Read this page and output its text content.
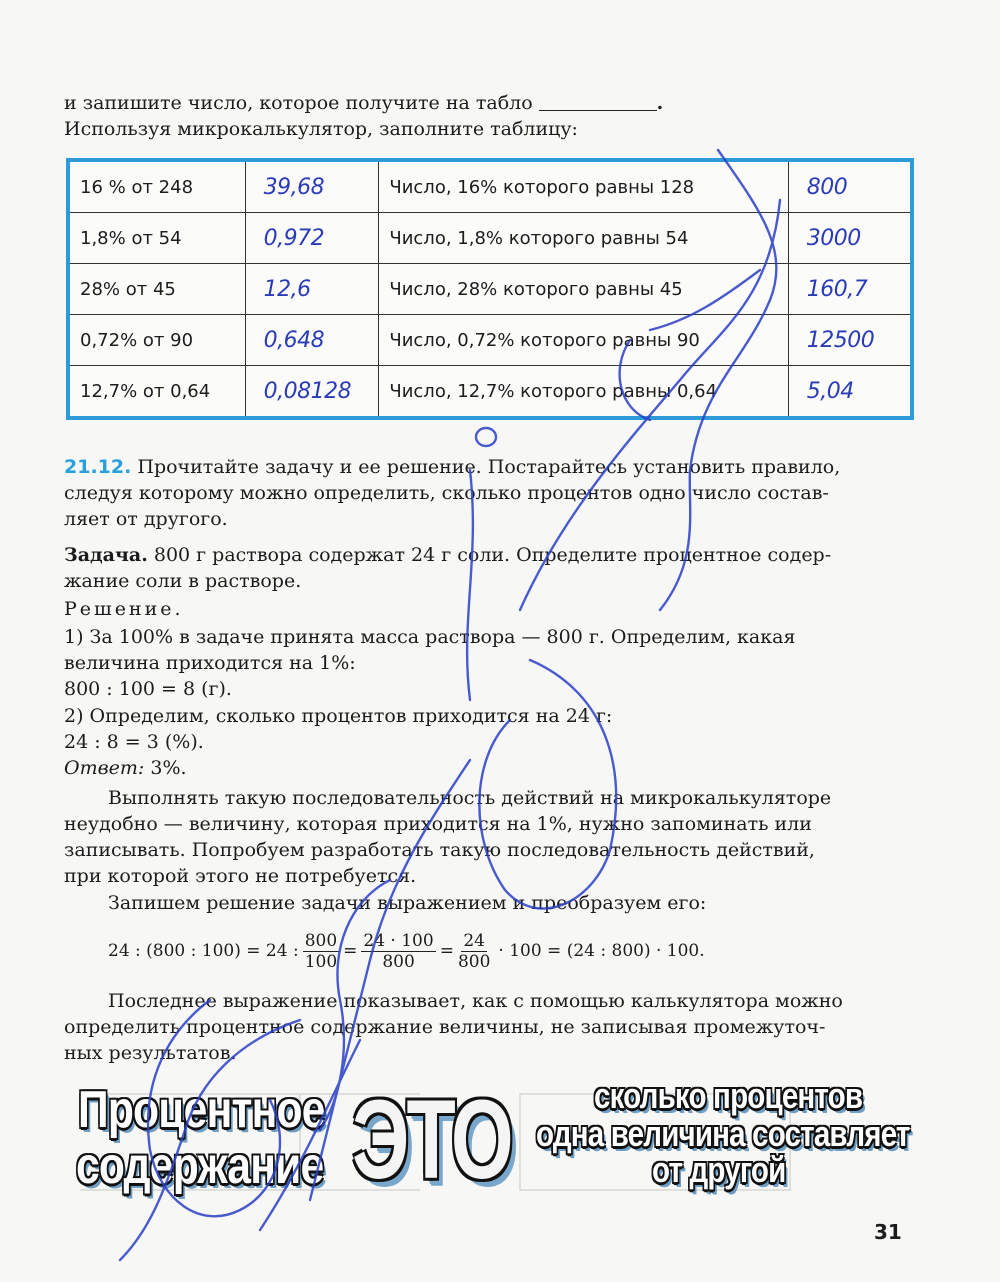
и запишите число, которое получите на табло	.
Используя микрокалькулятор, заполните таблицу:
16 % от 248	39,68	Число, 16% которого равны 128	800
1,8% от 54	0,972	Число, 1,8% которого равны 54	3000
28% от 45	12,6	Число, 28% которого равны 45	160,7
0,72% от 90	0,648	Число, 0,72% которого равны 90	12500
12,7% от 0,64	0,08128	Число, 12,7% которого равны 0,64	5,04
21.12. Прочитайте задачу и ее решение. Постарайтесь установить правило,
следуя которому можно определить, сколько процентов одно число состав-
ляет от другого.
Задача. 800 г раствора содержат 24 г соли. Определите процентное содер-
жание соли в растворе.
Решение.
1) За 100% в задаче принята масса раствора — 800 г. Определим, какая
величина приходится на 1%:
800 : 100 = 8 (г).
2) Определим, сколько процентов приходится на 24 г:
24 : 8 = 3 (%).
Ответ: 3%.
Выполнять такую последовательность действий на микрокалькуляторе
неудобно — величину, которая приходится на 1%, нужно запоминать или
записывать. Попробуем разработать такую последовательность действий,
при которой этого не потребуется.
Запишем решение задачи выражением и преобразуем его:
24 : (800 : 100) = 24 : $\frac{800}{100} = \frac{24 \cdot 100}{800} = \frac{24}{800} \cdot 100 = (24$ : 800) · 100.
Последнее выражение показывает, как с помощью калькулятора можно
определить процентное содержание величины, не записывая промежуточ-
ных результатов.
Процентное
содержание ЭТО сколько процентов
одна величина составляет
от другой
31
